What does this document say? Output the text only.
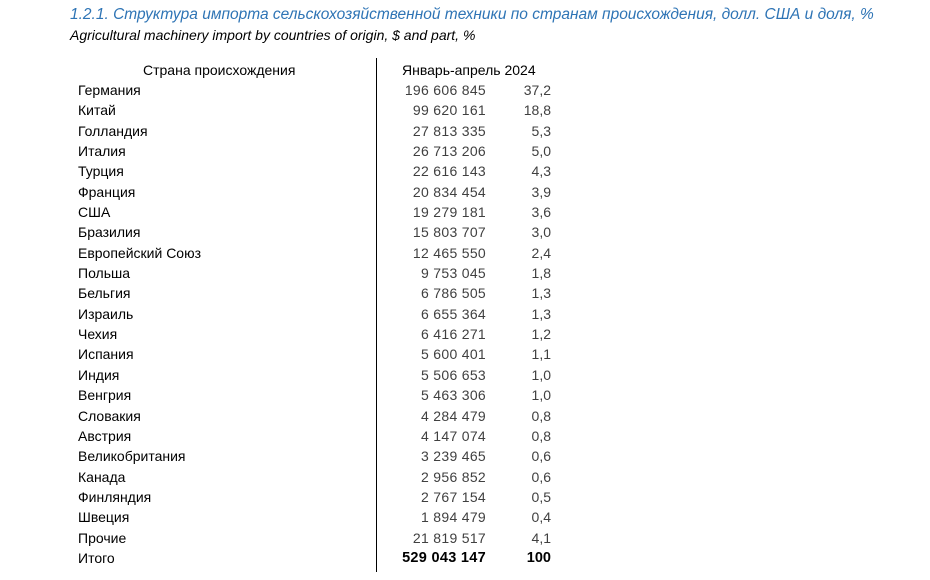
1.2.1. Структура импорта сельскохозяйственной техники по странам происхождения, долл. США и доля, %
Agricultural machinery import by countries of origin, $ and part, %
Страна происхождения	Январь-апрель 2024
Германия	196 606 845	37,2
Китай	99 620 161	18,8
Голландия	27 813 335	5,3
Италия	26 713 206	5,0
Турция	22 616 143	4,3
Франция	20 834 454	3,9
США	19 279 181	3,6
Бразилия	15 803 707	3,0
Европейский Союз	12 465 550	2,4
Польша	9 753 045	1,8
Бельгия	6 786 505	1,3
Израиль	6 655 364	1,3
Чехия	6 416 271	1,2
Испания	5 600 401	1,1
Индия	5 506 653	1,0
Венгрия	5 463 306	1,0
Словакия	4 284 479	0,8
Австрия	4 147 074	0,8
Великобритания	3 239 465	0,6
Канада	2 956 852	0,6
Финляндия	2 767 154	0,5
Швеция	1 894 479	0,4
Прочие	21 819 517	4,1
Итого	529 043 147	100
